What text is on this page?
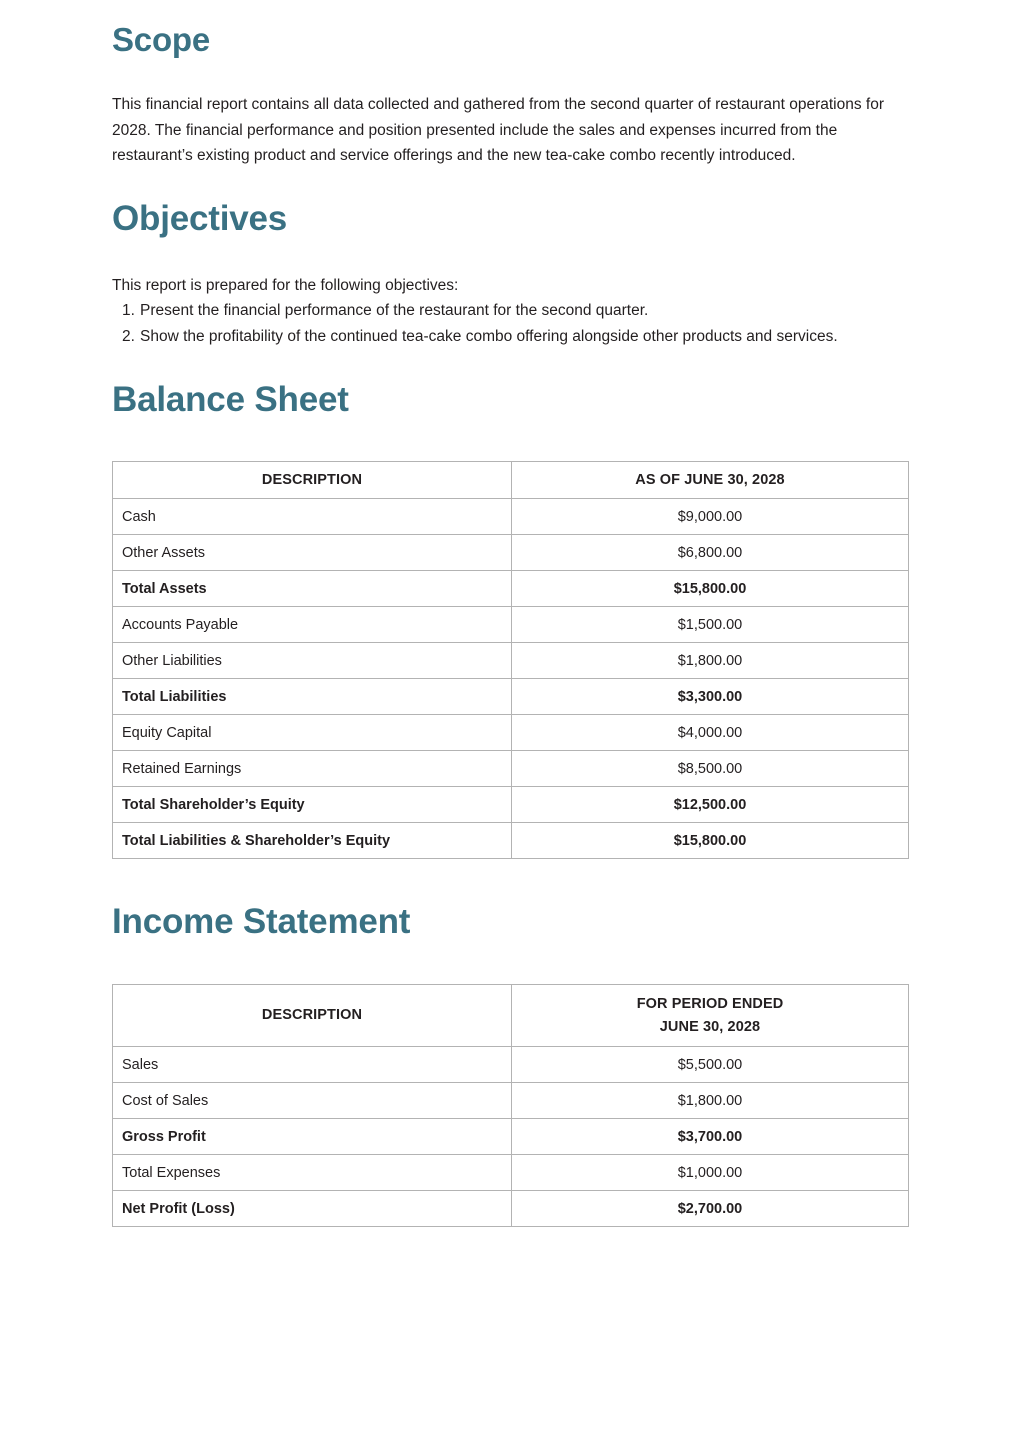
Scope

This financial report contains all data collected and gathered from the second quarter of restaurant operations for 2028. The financial performance and position presented include the sales and expenses incurred from the restaurant’s existing product and service offerings and the new tea-cake combo recently introduced.

Objectives

This report is prepared for the following objectives:

1. Present the financial performance of the restaurant for the second quarter.
2. Show the profitability of the continued tea-cake combo offering alongside other products and services.
Balance Sheet
DESCRIPTION	AS OF JUNE 30, 2028
Cash	$9,000.00
Other Assets	$6,800.00
Total Assets	$15,800.00
Accounts Payable	$1,500.00
Other Liabilities	$1,800.00
Total Liabilities	$3,300.00
Equity Capital	$4,000.00
Retained Earnings	$8,500.00
Total Shareholder’s Equity	$12,500.00
Total Liabilities & Shareholder’s Equity	$15,800.00
Income Statement
DESCRIPTION	FOR PERIOD ENDED
JUNE 30, 2028

Sales	$5,500.00
Cost of Sales	$1,800.00
Gross Profit	$3,700.00
Total Expenses	$1,000.00
Net Profit (Loss)	$2,700.00
